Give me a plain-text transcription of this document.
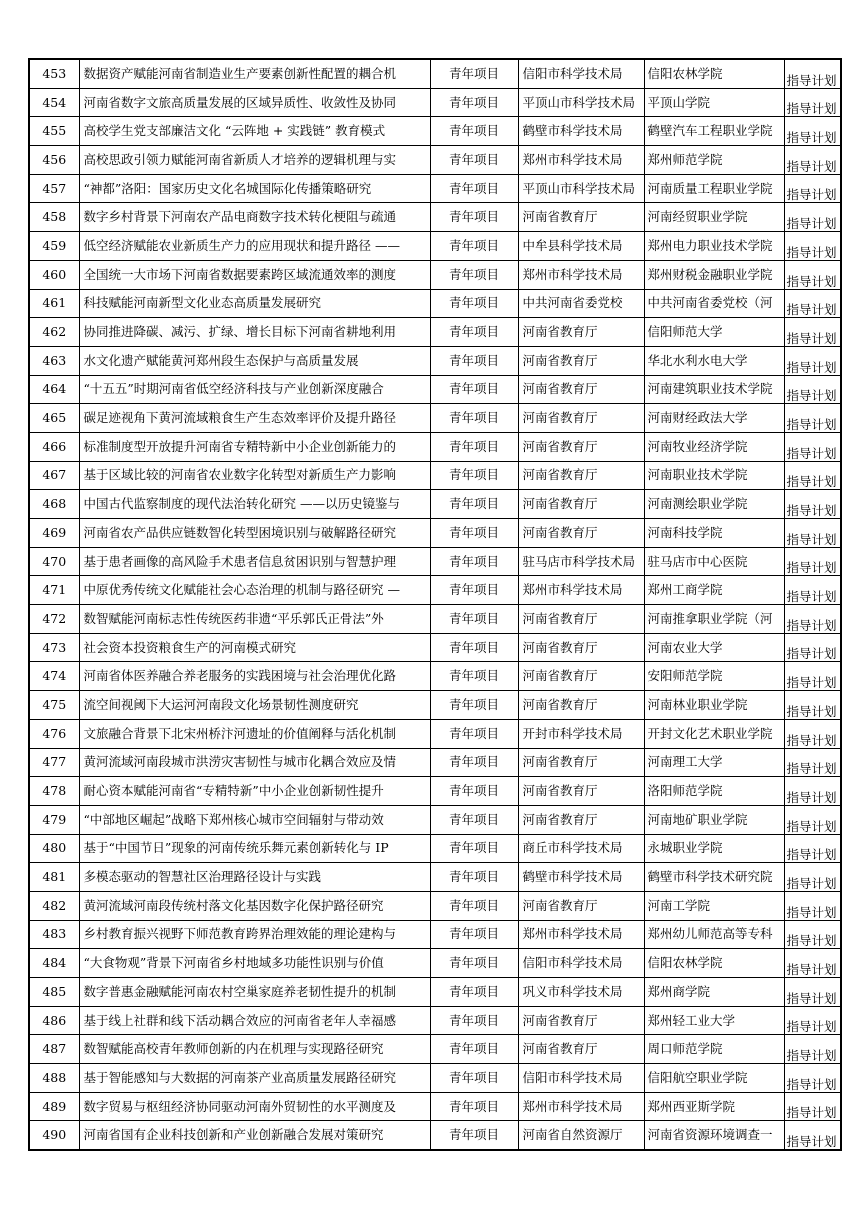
453	数据资产赋能河南省制造业生产要素创新性配置的耦合机	青年项目	信阳市科学技术局	信阳农林学院	指导计划
454	河南省数字文旅高质量发展的区域异质性、收敛性及协同	青年项目	平顶山市科学技术局	平顶山学院	指导计划
455	高校学生党支部廉洁文化 “云阵地 + 实践链” 教育模式	青年项目	鹤壁市科学技术局	鹤壁汽车工程职业学院	指导计划
456	高校思政引领力赋能河南省新质人才培养的逻辑机理与实	青年项目	郑州市科学技术局	郑州师范学院	指导计划
457	“神都”洛阳：国家历史文化名城国际化传播策略研究	青年项目	平顶山市科学技术局	河南质量工程职业学院	指导计划
458	数字乡村背景下河南农产品电商数字技术转化梗阻与疏通	青年项目	河南省教育厅	河南经贸职业学院	指导计划
459	低空经济赋能农业新质生产力的应用现状和提升路径 ——	青年项目	中牟县科学技术局	郑州电力职业技术学院	指导计划
460	全国统一大市场下河南省数据要素跨区域流通效率的测度	青年项目	郑州市科学技术局	郑州财税金融职业学院	指导计划
461	科技赋能河南新型文化业态高质量发展研究	青年项目	中共河南省委党校	中共河南省委党校（河	指导计划
462	协同推进降碳、减污、扩绿、增长目标下河南省耕地利用	青年项目	河南省教育厅	信阳师范大学	指导计划
463	水文化遗产赋能黄河郑州段生态保护与高质量发展	青年项目	河南省教育厅	华北水利水电大学	指导计划
464	“十五五”时期河南省低空经济科技与产业创新深度融合	青年项目	河南省教育厅	河南建筑职业技术学院	指导计划
465	碳足迹视角下黄河流域粮食生产生态效率评价及提升路径	青年项目	河南省教育厅	河南财经政法大学	指导计划
466	标准制度型开放提升河南省专精特新中小企业创新能力的	青年项目	河南省教育厅	河南牧业经济学院	指导计划
467	基于区域比较的河南省农业数字化转型对新质生产力影响	青年项目	河南省教育厅	河南职业技术学院	指导计划
468	中国古代监察制度的现代法治转化研究 ——以历史镜鉴与	青年项目	河南省教育厅	河南测绘职业学院	指导计划
469	河南省农产品供应链数智化转型困境识别与破解路径研究	青年项目	河南省教育厅	河南科技学院	指导计划
470	基于患者画像的高风险手术患者信息贫困识别与智慧护理	青年项目	驻马店市科学技术局	驻马店市中心医院	指导计划
471	中原优秀传统文化赋能社会心态治理的机制与路径研究 —	青年项目	郑州市科学技术局	郑州工商学院	指导计划
472	数智赋能河南标志性传统医药非遗“平乐郭氏正骨法”外	青年项目	河南省教育厅	河南推拿职业学院（河	指导计划
473	社会资本投资粮食生产的河南模式研究	青年项目	河南省教育厅	河南农业大学	指导计划
474	河南省体医养融合养老服务的实践困境与社会治理优化路	青年项目	河南省教育厅	安阳师范学院	指导计划
475	流空间视阈下大运河河南段文化场景韧性测度研究	青年项目	河南省教育厅	河南林业职业学院	指导计划
476	文旅融合背景下北宋州桥汴河遗址的价值阐释与活化机制	青年项目	开封市科学技术局	开封文化艺术职业学院	指导计划
477	黄河流域河南段城市洪涝灾害韧性与城市化耦合效应及情	青年项目	河南省教育厅	河南理工大学	指导计划
478	耐心资本赋能河南省“专精特新”中小企业创新韧性提升	青年项目	河南省教育厅	洛阳师范学院	指导计划
479	“中部地区崛起”战略下郑州核心城市空间辐射与带动效	青年项目	河南省教育厅	河南地矿职业学院	指导计划
480	基于“中国节日”现象的河南传统乐舞元素创新转化与 IP	青年项目	商丘市科学技术局	永城职业学院	指导计划
481	多模态驱动的智慧社区治理路径设计与实践	青年项目	鹤壁市科学技术局	鹤壁市科学技术研究院	指导计划
482	黄河流域河南段传统村落文化基因数字化保护路径研究	青年项目	河南省教育厅	河南工学院	指导计划
483	乡村教育振兴视野下师范教育跨界治理效能的理论建构与	青年项目	郑州市科学技术局	郑州幼儿师范高等专科	指导计划
484	“大食物观”背景下河南省乡村地域多功能性识别与价值	青年项目	信阳市科学技术局	信阳农林学院	指导计划
485	数字普惠金融赋能河南农村空巢家庭养老韧性提升的机制	青年项目	巩义市科学技术局	郑州商学院	指导计划
486	基于线上社群和线下活动耦合效应的河南省老年人幸福感	青年项目	河南省教育厅	郑州轻工业大学	指导计划
487	数智赋能高校青年教师创新的内在机理与实现路径研究	青年项目	河南省教育厅	周口师范学院	指导计划
488	基于智能感知与大数据的河南茶产业高质量发展路径研究	青年项目	信阳市科学技术局	信阳航空职业学院	指导计划
489	数字贸易与枢纽经济协同驱动河南外贸韧性的水平测度及	青年项目	郑州市科学技术局	郑州西亚斯学院	指导计划
490	河南省国有企业科技创新和产业创新融合发展对策研究	青年项目	河南省自然资源厅	河南省资源环境调查一	指导计划
